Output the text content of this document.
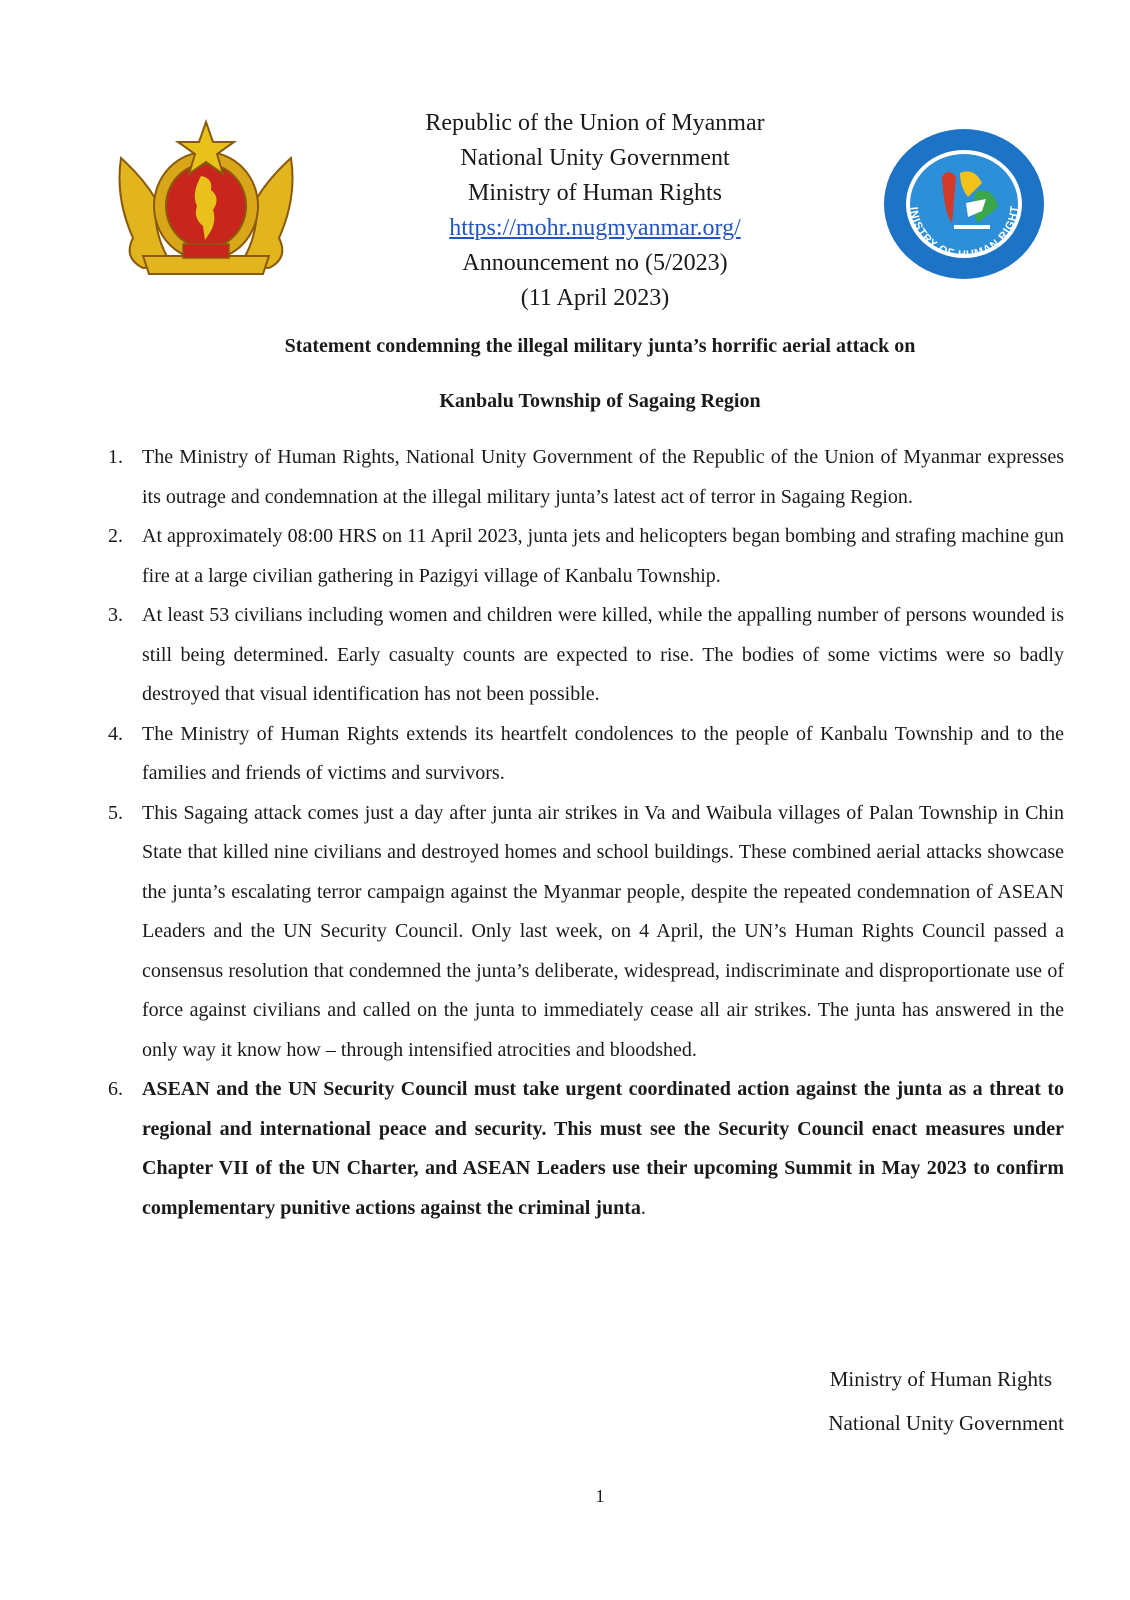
Republic of the Union of Myanmar
National Unity Government
Ministry of Human Rights
https://mohr.nugmyanmar.org/
Announcement no (5/2023)
(11 April 2023)
INISTRY OF HUMAN RIGHT
Statement condemning the illegal military junta’s horrific aerial attack on
Kanbalu Township of Sagaing Region
1. The Ministry of Human Rights, National Unity Government of the Republic of the Union of Myanmar expresses its outrage and condemnation at the illegal military junta’s latest act of terror in Sagaing Region.
2. At approximately 08:00 HRS on 11 April 2023, junta jets and helicopters began bombing and strafing machine gun fire at a large civilian gathering in Pazigyi village of Kanbalu Township.
3. At least 53 civilians including women and children were killed, while the appalling number of persons wounded is still being determined. Early casualty counts are expected to rise. The bodies of some victims were so badly destroyed that visual identification has not been possible.
4. The Ministry of Human Rights extends its heartfelt condolences to the people of Kanbalu Township and to the families and friends of victims and survivors.
5. This Sagaing attack comes just a day after junta air strikes in Va and Waibula villages of Palan Township in Chin State that killed nine civilians and destroyed homes and school buildings. These combined aerial attacks showcase the junta’s escalating terror campaign against the Myanmar people, despite the repeated condemnation of ASEAN Leaders and the UN Security Council. Only last week, on 4 April, the UN’s Human Rights Council passed a consensus resolution that condemned the junta’s deliberate, widespread, indiscriminate and disproportionate use of force against civilians and called on the junta to immediately cease all air strikes. The junta has answered in the only way it know how – through intensified atrocities and bloodshed.
6. ASEAN and the UN Security Council must take urgent coordinated action against the junta as a threat to regional and international peace and security. This must see the Security Council enact measures under Chapter VII of the UN Charter, and ASEAN Leaders use their upcoming Summit in May 2023 to confirm complementary punitive actions against the criminal junta.
Ministry of Human Rights
National Unity Government
1
